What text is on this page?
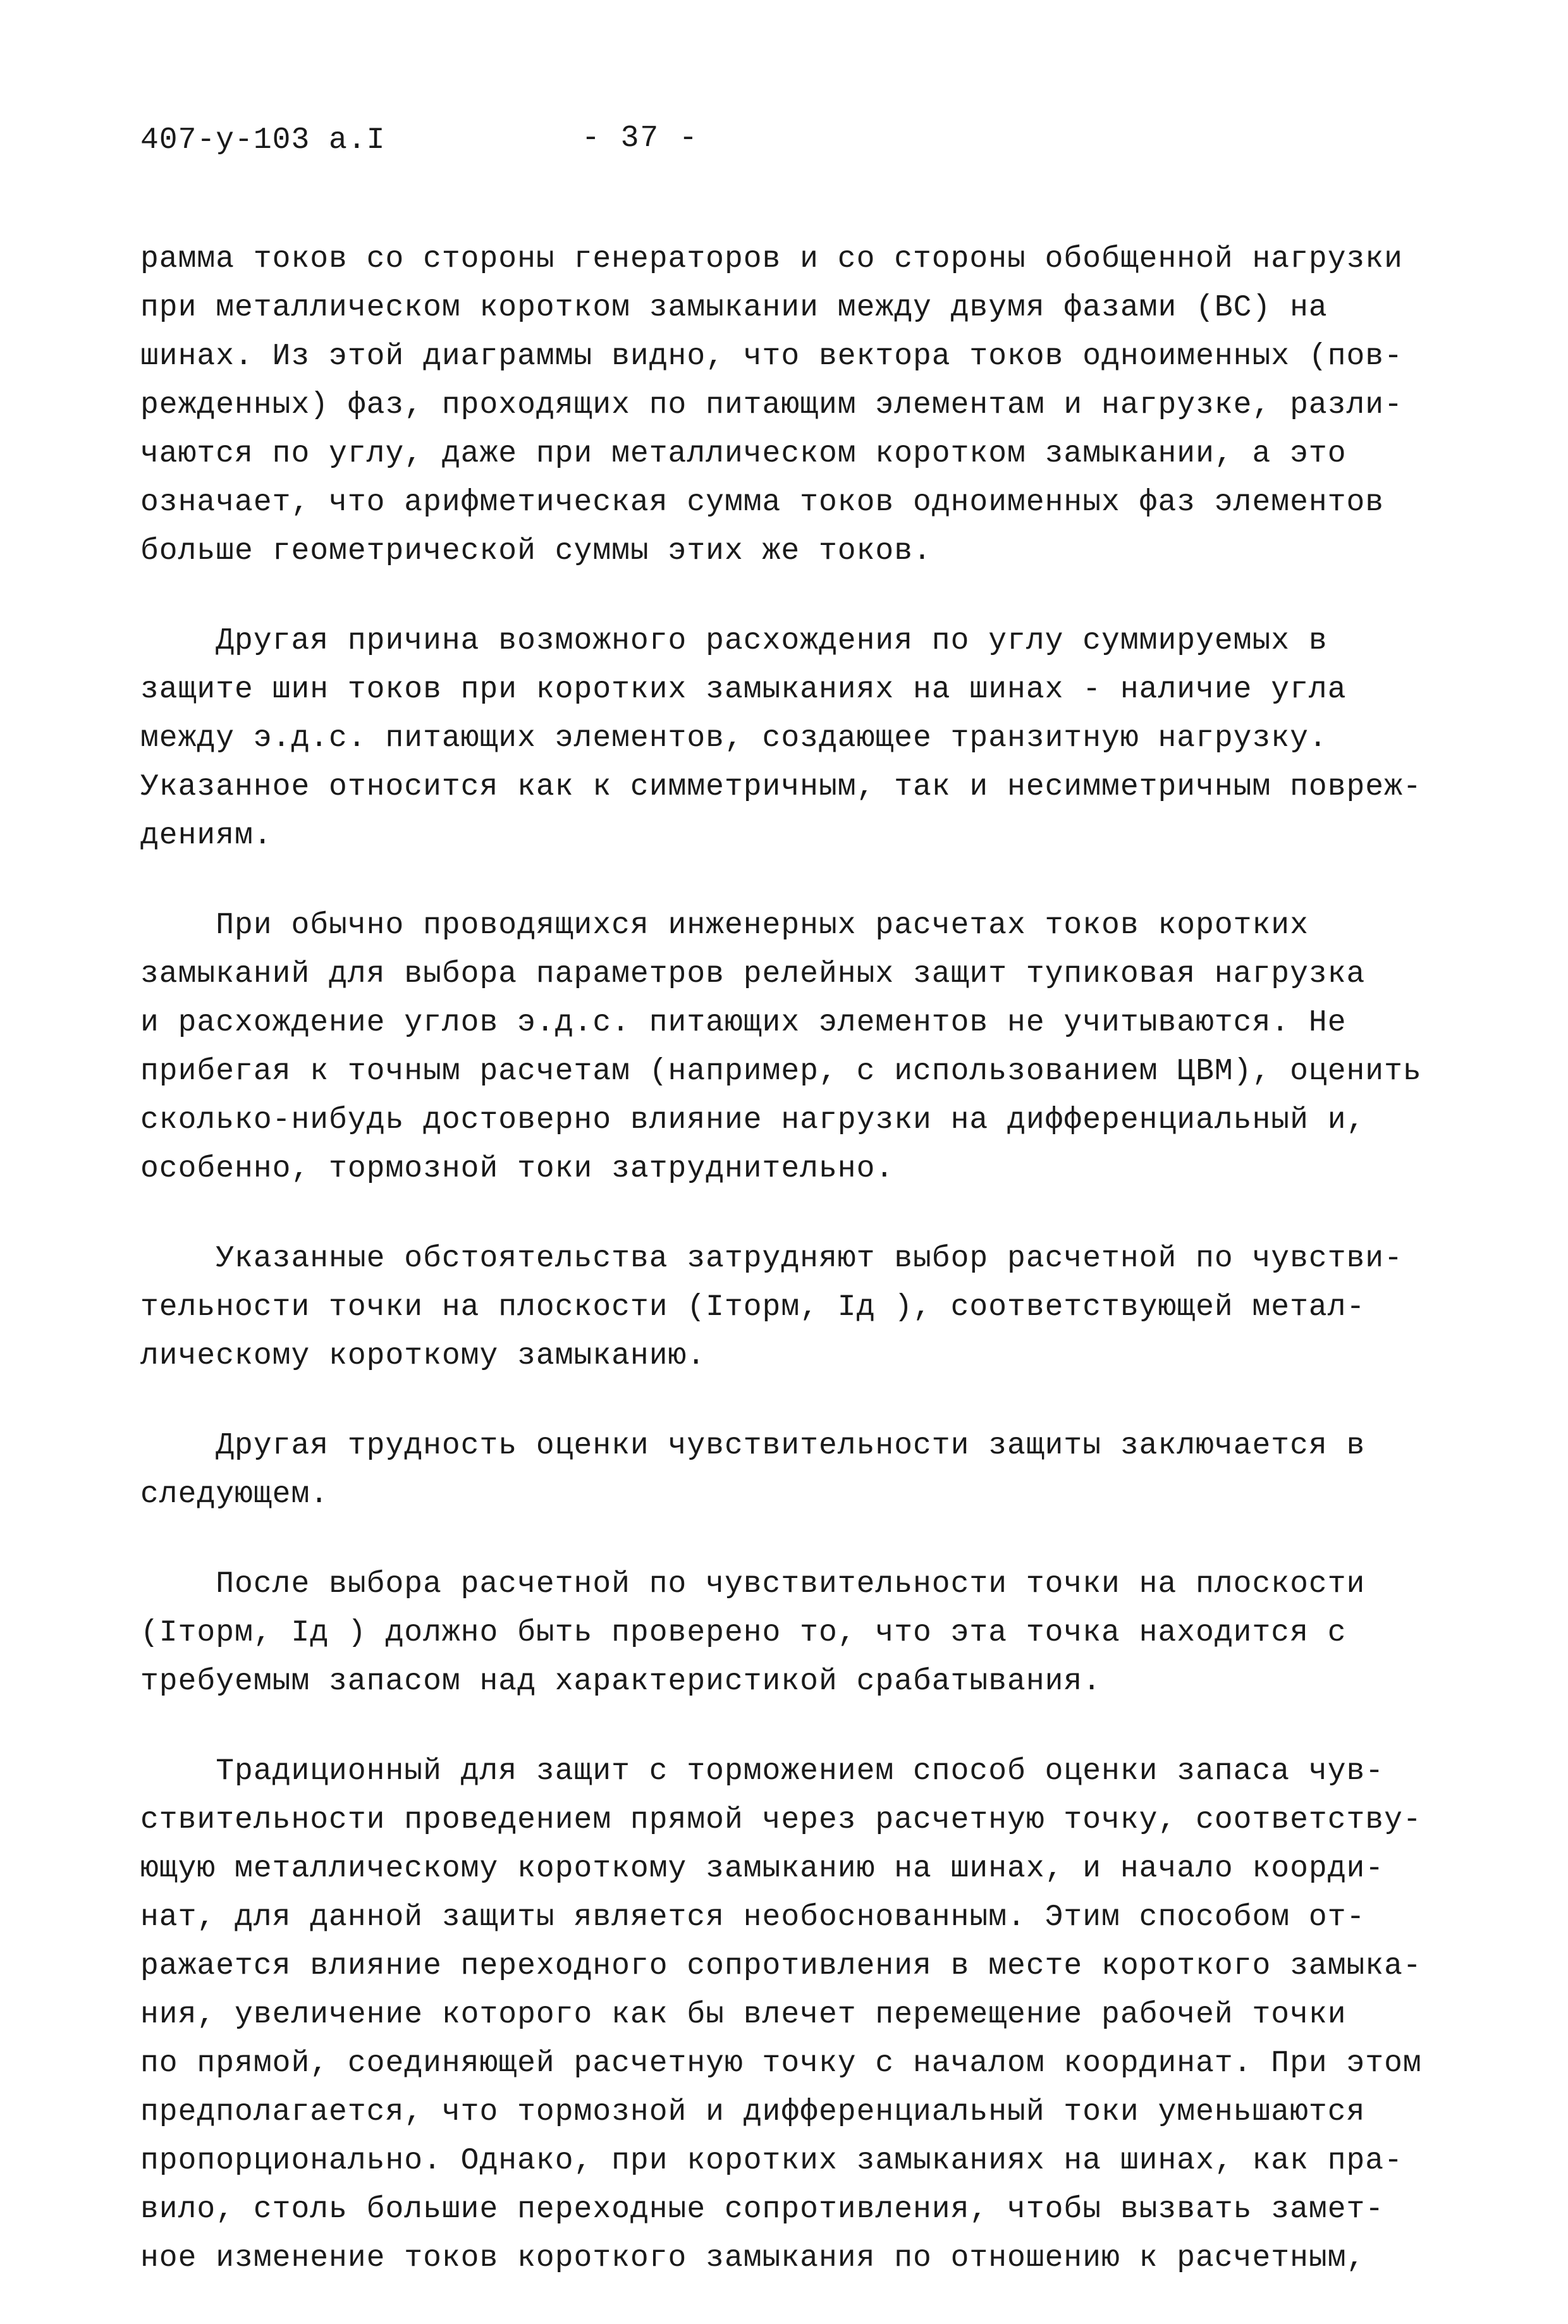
407-у-103 а.I	- 37 -
рамма токов со стороны генераторов и со стороны обобщенной нагрузки
при металлическом коротком замыкании между двумя фазами (ВС) на
шинах. Из этой диаграммы видно, что вектора токов одноименных (пов-
режденных) фаз, проходящих по питающим элементам и нагрузке, разли-
чаются по углу, даже при металлическом коротком замыкании, а это
означает, что арифметическая сумма токов одноименных фаз элементов
больше геометрической суммы этих же токов.
Другая причина возможного расхождения по углу суммируемых в
защите шин токов при коротких замыканиях на шинах - наличие угла
между э.д.с. питающих элементов, создающее транзитную нагрузку.
Указанное относится как к симметричным, так и несимметричным повреж-
дениям.
При обычно проводящихся инженерных расчетах токов коротких
замыканий для выбора параметров релейных защит тупиковая нагрузка
и расхождение углов э.д.с. питающих элементов не учитываются. Не
прибегая к точным расчетам (например, с использованием ЦВМ), оценить
сколько-нибудь достоверно влияние нагрузки на дифференциальный и,
особенно, тормозной токи затруднительно.
Указанные обстоятельства затрудняют выбор расчетной по чувстви-
тельности точки на плоскости (Iторм, Iд ), соответствующей метал-
лическому короткому замыканию.
Другая трудность оценки чувствительности защиты заключается в
следующем.
После выбора расчетной по чувствительности точки на плоскости
(Iторм, Iд ) должно быть проверено то, что эта точка находится с
требуемым запасом над характеристикой срабатывания.
Традиционный для защит с торможением способ оценки запаса чув-
ствительности проведением прямой через расчетную точку, соответству-
ющую металлическому короткому замыканию на шинах, и начало коорди-
нат, для данной защиты является необоснованным. Этим способом от-
ражается влияние переходного сопротивления в месте короткого замыка-
ния, увеличение которого как бы влечет перемещение рабочей точки
по прямой, соединяющей расчетную точку с началом координат. При этом
предполагается, что тормозной и дифференциальный токи уменьшаются
пропорционально. Однако, при коротких замыканиях на шинах, как пра-
вило, столь большие переходные сопротивления, чтобы вызвать замет-
ное изменение токов короткого замыкания по отношению к расчетным,
